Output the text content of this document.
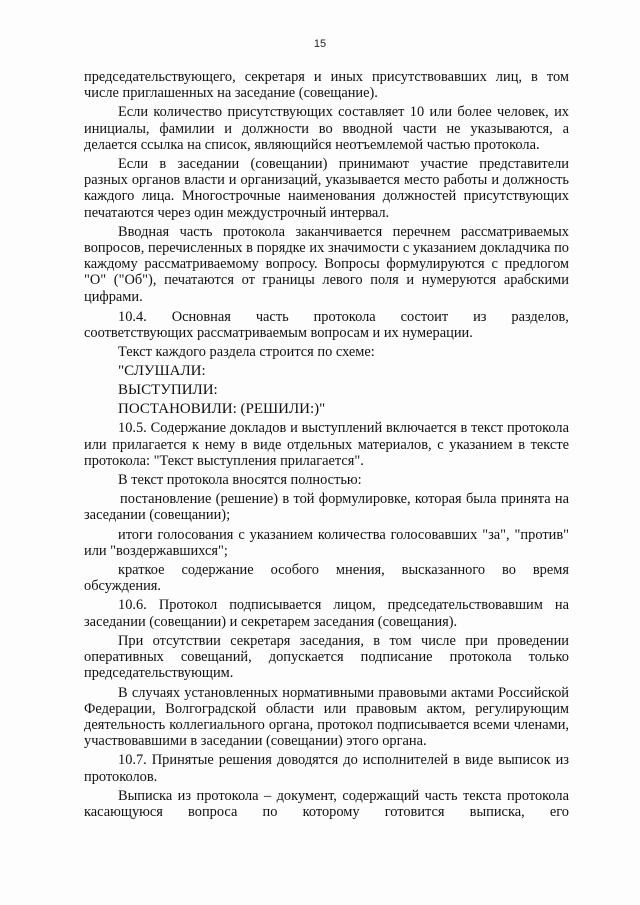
15

председательствующего, секретаря и иных присутствовавших лиц, в том числе приглашенных на заседание (совещание).

Если количество присутствующих составляет 10 или более человек, их инициалы, фамилии и должности во вводной части не указываются, а делается ссылка на список, являющийся неотъемлемой частью протокола.

Если в заседании (совещании) принимают участие представители разных органов власти и организаций, указывается место работы и должность каждого лица. Многострочные наименования должностей присутствующих печатаются через один междустрочный интервал.

Вводная часть протокола заканчивается перечнем рассматриваемых вопросов, перечисленных в порядке их значимости с указанием докладчика по каждому рассматриваемому вопросу. Вопросы формулируются с предлогом "О" ("Об"), печатаются от границы левого поля и нумеруются арабскими цифрами.

10.4. Основная часть протокола состоит из разделов,

соответствующих рассматриваемым вопросам и их нумерации.

Текст каждого раздела строится по схеме:

"СЛУШАЛИ:
ВЫСТУПИЛИ:
ПОСТАНОВИЛИ: (РЕШИЛИ:)"

10.5. Содержание докладов и выступлений включается в текст протокола или прилагается к нему в виде отдельных материалов, с указанием в тексте протокола: "Текст выступления прилагается".

В текст протокола вносятся полностью:

постановление (решение) в той формулировке, которая была принята на заседании (совещании);

итоги голосования с указанием количества голосовавших "за", "против" или "воздержавшихся";

краткое содержание особого мнения, высказанного во время обсуждения.

10.6. Протокол подписывается лицом, председательствовавшим на заседании (совещании) и секретарем заседания (совещания).

При отсутствии секретаря заседания, в том числе при проведении оперативных совещаний, допускается подписание протокола только председательствующим.

В случаях установленных нормативными правовыми актами Российской Федерации, Волгоградской области или правовым актом, регулирующим деятельность коллегиального органа, протокол подписывается всеми членами, участвовавшими в заседании (совещании) этого органа.

10.7. Принятые решения доводятся до исполнителей в виде выписок из протоколов.

Выписка из протокола – документ, содержащий часть текста протокола касающуюся вопроса по которому готовится выписка, его
